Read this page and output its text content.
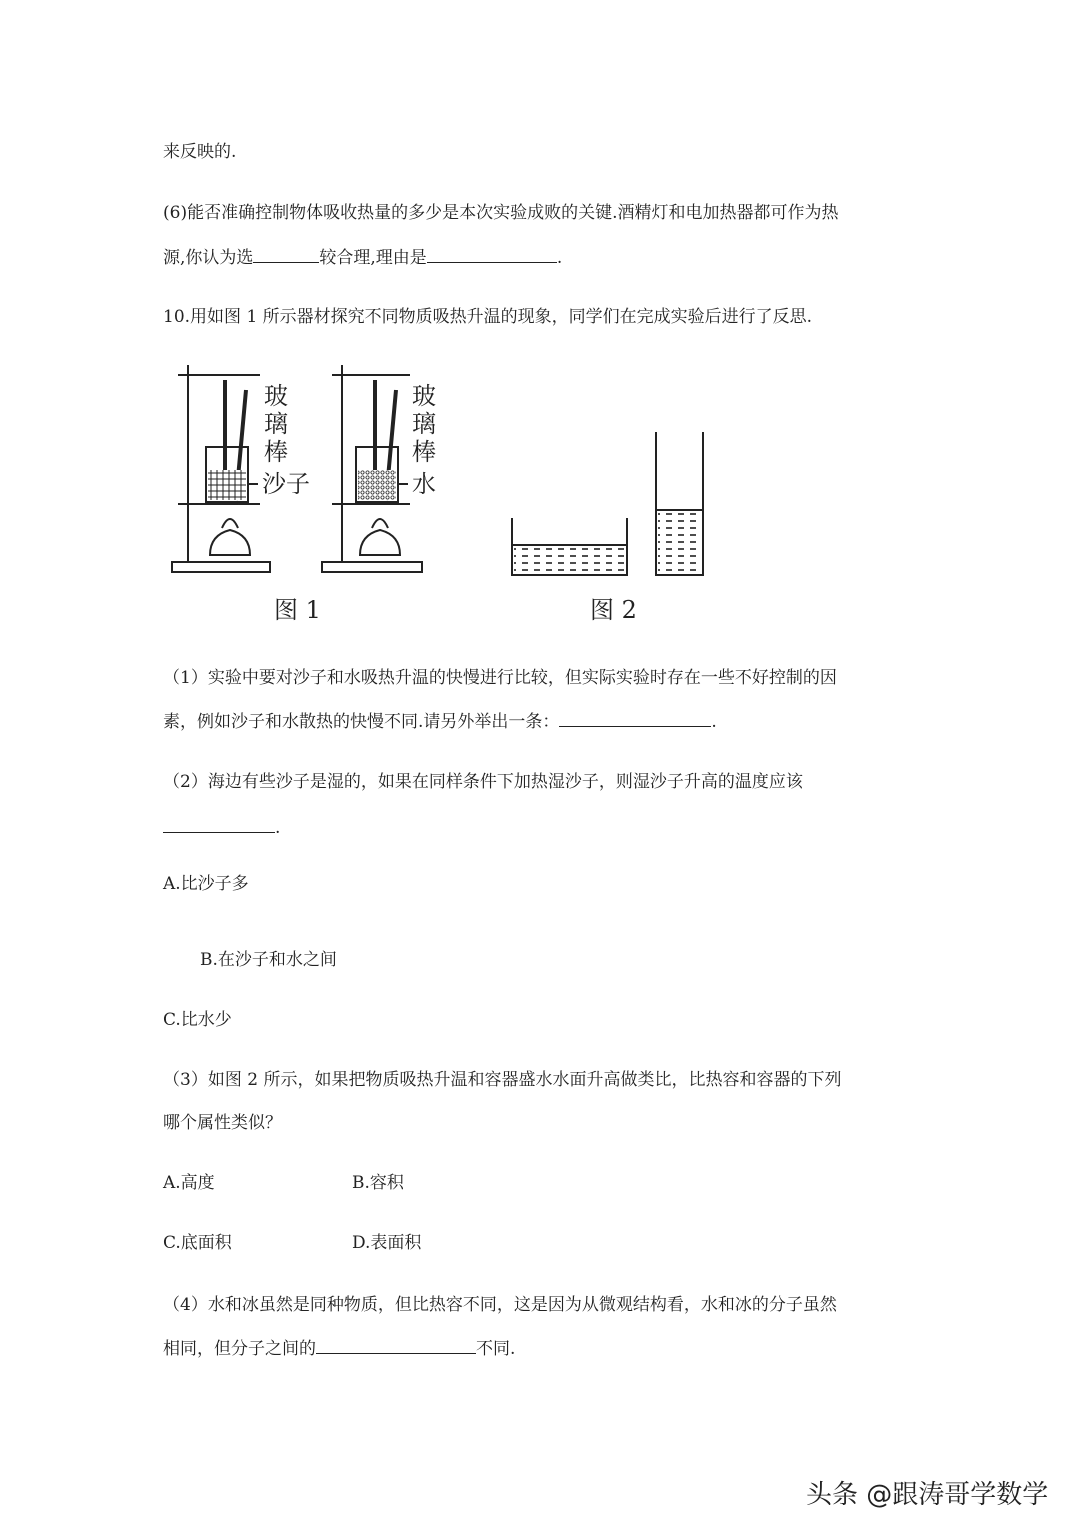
来反映的.
(6)能否准确控制物体吸收热量的多少是本次实验成败的关键.酒精灯和电加热器都可作为热
源,你认为选	较合理,理由是	.
10.用如图 1 所示器材探究不同物质吸热升温的现象，同学们在完成实验后进行了反思.
玻
璃
棒
沙子
玻
璃
棒
水
图 1	图 2
（1）实验中要对沙子和水吸热升温的快慢进行比较，但实际实验时存在一些不好控制的因
素，例如沙子和水散热的快慢不同.请另外举出一条：	.
（2）海边有些沙子是湿的，如果在同样条件下加热湿沙子，则湿沙子升高的温度应该
.
A.比沙子多
B.在沙子和水之间
C.比水少
（3）如图 2 所示，如果把物质吸热升温和容器盛水水面升高做类比，比热容和容器的下列
哪个属性类似？
A.高度	B.容积
C.底面积	D.表面积
（4）水和冰虽然是同种物质，但比热容不同，这是因为从微观结构看，水和冰的分子虽然
相同，但分子之间的	不同.
头条 @跟涛哥学数学
